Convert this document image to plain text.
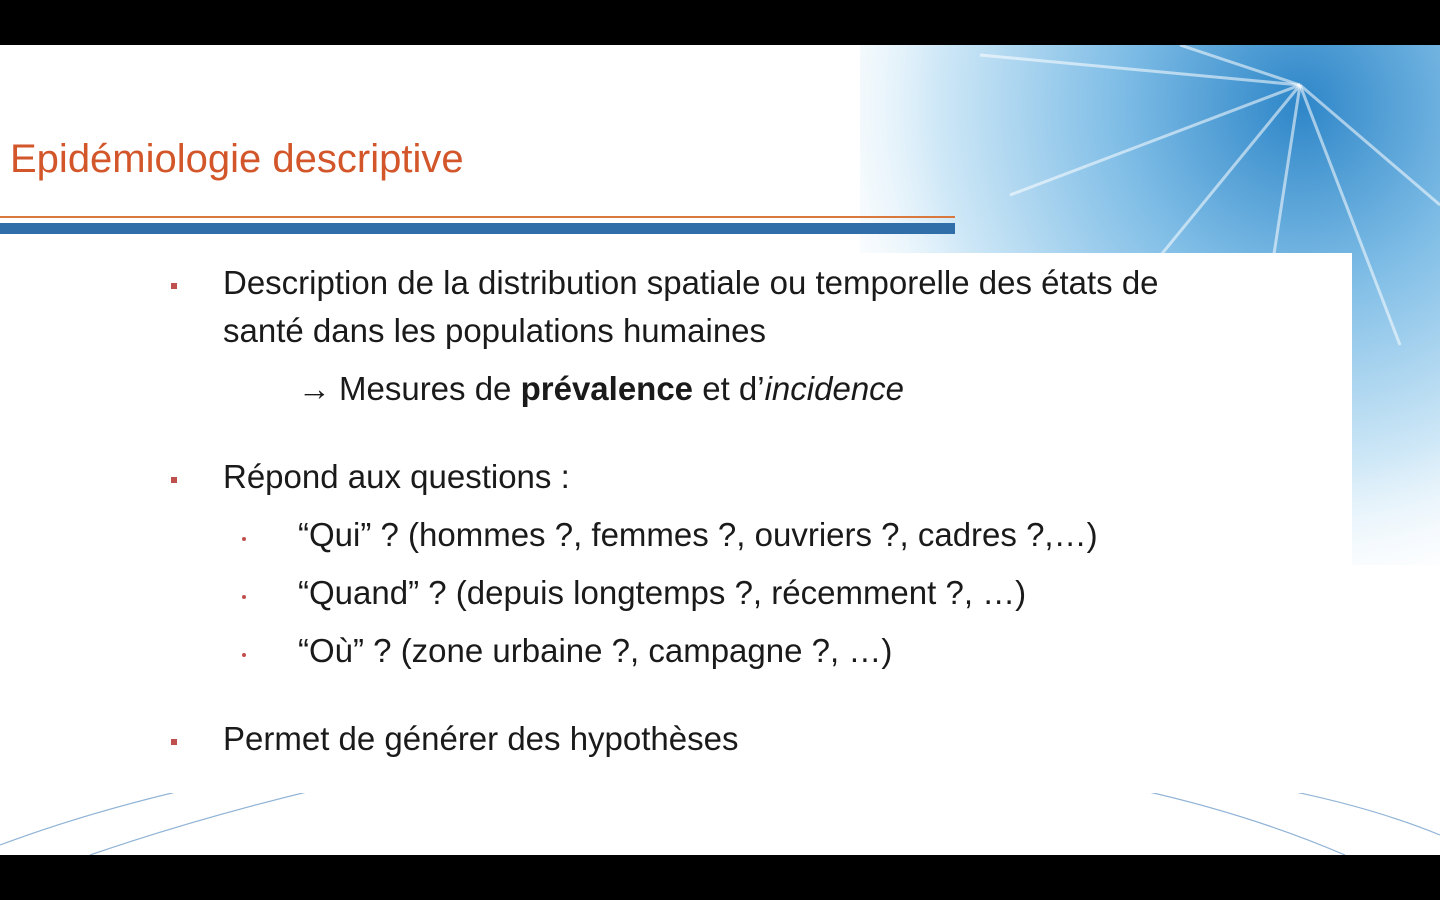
Epidémiologie descriptive
Description de la distribution spatiale ou temporelle des états de
santé dans les populations humaines
→ Mesures de prévalence et d’incidence
Répond aux questions :
“Qui” ? (hommes ?, femmes ?, ouvriers ?, cadres ?,…)
“Quand” ? (depuis longtemps ?, récemment ?, …)
“Où” ? (zone urbaine ?, campagne ?, …)
Permet de générer des hypothèses
